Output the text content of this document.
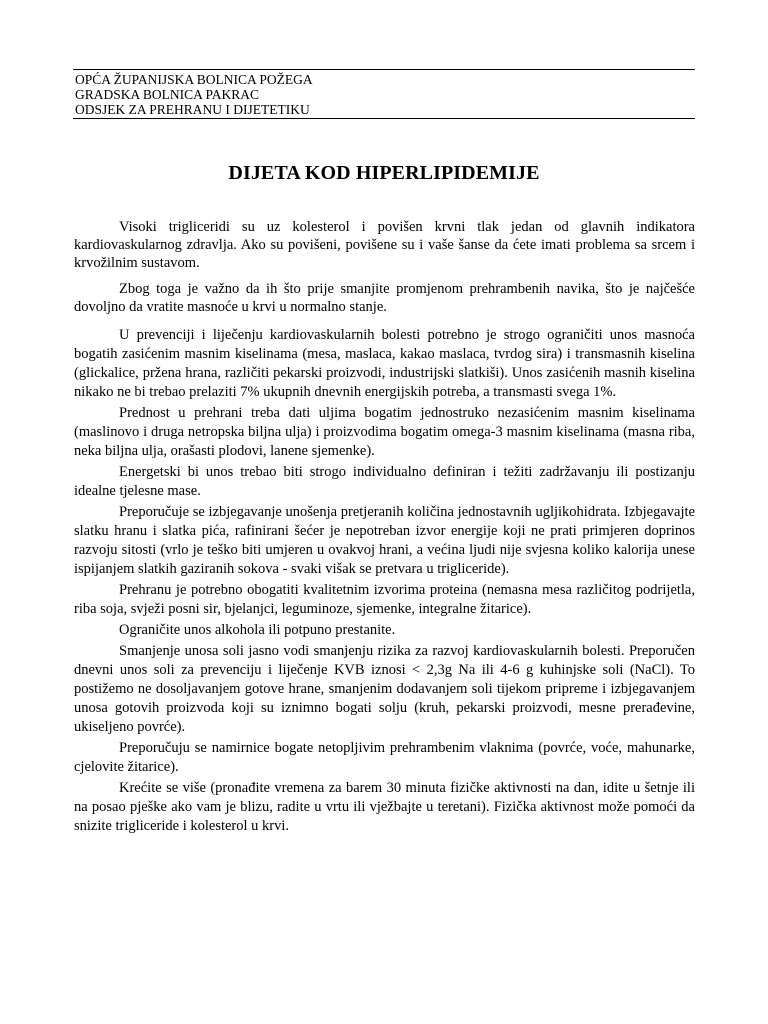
OPĆA ŽUPANIJSKA BOLNICA POŽEGA
GRADSKA BOLNICA PAKRAC
ODSJEK ZA PREHRANU I DIJETETIKU
DIJETA KOD HIPERLIPIDEMIJE

Visoki trigliceridi su uz kolesterol i povišen krvni tlak jedan od glavnih indikatora kardiovaskularnog zdravlja. Ako su povišeni, povišene su i vaše šanse da ćete imati problema sa srcem i krvožilnim sustavom.

Zbog toga je važno da ih što prije smanjite promjenom prehrambenih navika, što je najčešće dovoljno da vratite masnoće u krvi u normalno stanje.

U prevenciji i liječenju kardiovaskularnih bolesti potrebno je strogo ograničiti unos masnoća bogatih zasićenim masnim kiselinama (mesa, maslaca, kakao maslaca, tvrdog sira) i transmasnih kiselina (glickalice, pržena hrana, različiti pekarski proizvodi, industrijski slatkiši). Unos zasićenih masnih kiselina nikako ne bi trebao prelaziti 7% ukupnih dnevnih energijskih potreba, a transmasti svega 1%.

Prednost u prehrani treba dati uljima bogatim jednostruko nezasićenim masnim kiselinama (maslinovo i druga netropska biljna ulja) i proizvodima bogatim omega-3 masnim kiselinama (masna riba, neka biljna ulja, orašasti plodovi, lanene sjemenke).

Energetski bi unos trebao biti strogo individualno definiran i težiti zadržavanju ili postizanju idealne tjelesne mase.

Preporučuje se izbjegavanje unošenja pretjeranih količina jednostavnih ugljikohidrata. Izbjegavajte slatku hranu i slatka pića, rafinirani šećer je nepotreban izvor energije koji ne prati primjeren doprinos razvoju sitosti (vrlo je teško biti umjeren u ovakvoj hrani, a većina ljudi nije svjesna koliko kalorija unese ispijanjem slatkih gaziranih sokova - svaki višak se pretvara u trigliceride).

Prehranu je potrebno obogatiti kvalitetnim izvorima proteina (nemasna mesa različitog podrijetla, riba soja, svježi posni sir, bjelanjci, leguminoze, sjemenke, integralne žitarice).

Ograničite unos alkohola ili potpuno prestanite.

Smanjenje unosa soli jasno vodi smanjenju rizika za razvoj kardiovaskularnih bolesti. Preporučen dnevni unos soli za prevenciju i liječenje KVB iznosi < 2,3g Na ili 4-6 g kuhinjske soli (NaCl). To postižemo ne dosoljavanjem gotove hrane, smanjenim dodavanjem soli tijekom pripreme i izbjegavanjem unosa gotovih proizvoda koji su iznimno bogati solju (kruh, pekarski proizvodi, mesne prerađevine, ukiseljeno povrće).

Preporučuju se namirnice bogate netopljivim prehrambenim vlaknima (povrće, voće, mahunarke, cjelovite žitarice).

Krećite se više (pronađite vremena za barem 30 minuta fizičke aktivnosti na dan, idite u šetnje ili na posao pješke ako vam je blizu, radite u vrtu ili vježbajte u teretani). Fizička aktivnost može pomoći da snizite trigliceride i kolesterol u krvi.
